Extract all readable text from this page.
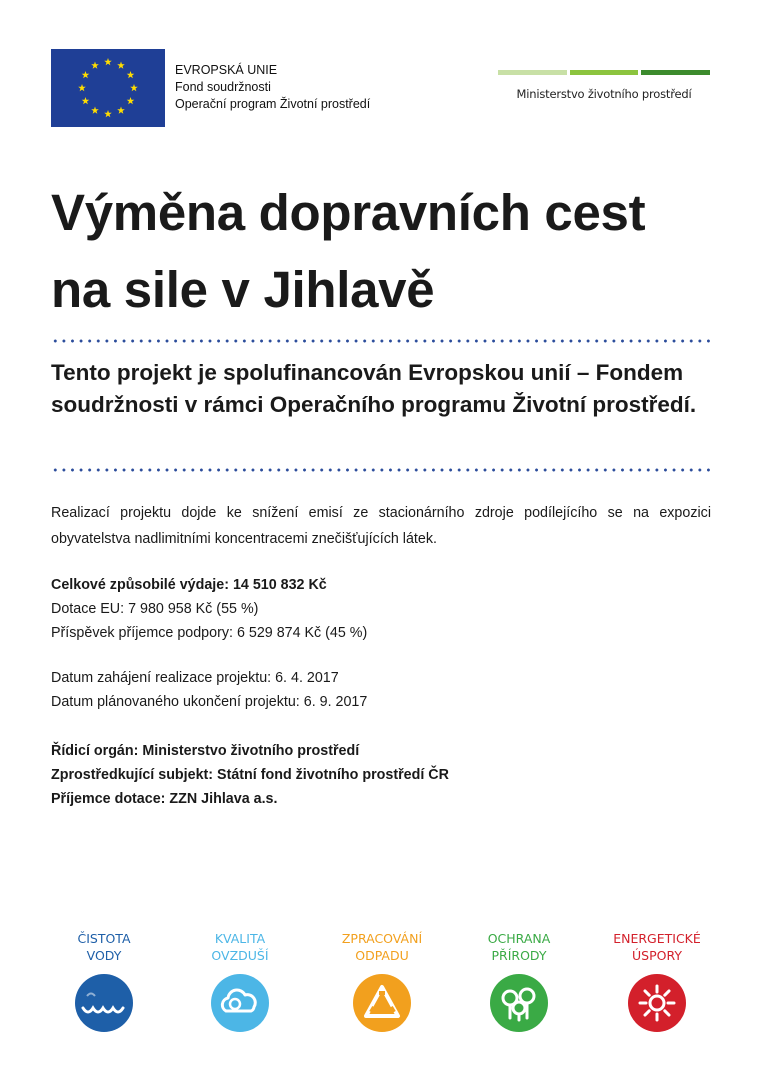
EVROPSKÁ UNIE
Fond soudržnosti
Operační program Životní prostředí
Ministerstvo životního prostředí
Výměna dopravních cest
na sile v Jihlavě
Tento projekt je spolufinancován Evropskou unií – Fondem soudržnosti v rámci Operačního programu Životní prostředí.

Realizací projektu dojde ke snížení emisí ze stacionárního zdroje podílejícího se na expozici obyvatelstva nadlimitními koncentracemi znečišťujících látek.

Celkové způsobilé výdaje: 14 510 832 Kč
Dotace EU: 7 980 958 Kč (55 %)
Příspěvek příjemce podpory: 6 529 874 Kč (45 %)
Datum zahájení realizace projektu: 6. 4. 2017
Datum plánovaného ukončení projektu: 6. 9. 2017
Řídicí orgán: Ministerstvo životního prostředí
Zprostředkující subjekt: Státní fond životního prostředí ČR
Příjemce dotace: ZZN Jihlava a.s.
ČISTOTA
VODY
KVALITA
OVZDUŠÍ
ZPRACOVÁNÍ
ODPADU
OCHRANA
PŘÍRODY
ENERGETICKÉ
ÚSPORY
